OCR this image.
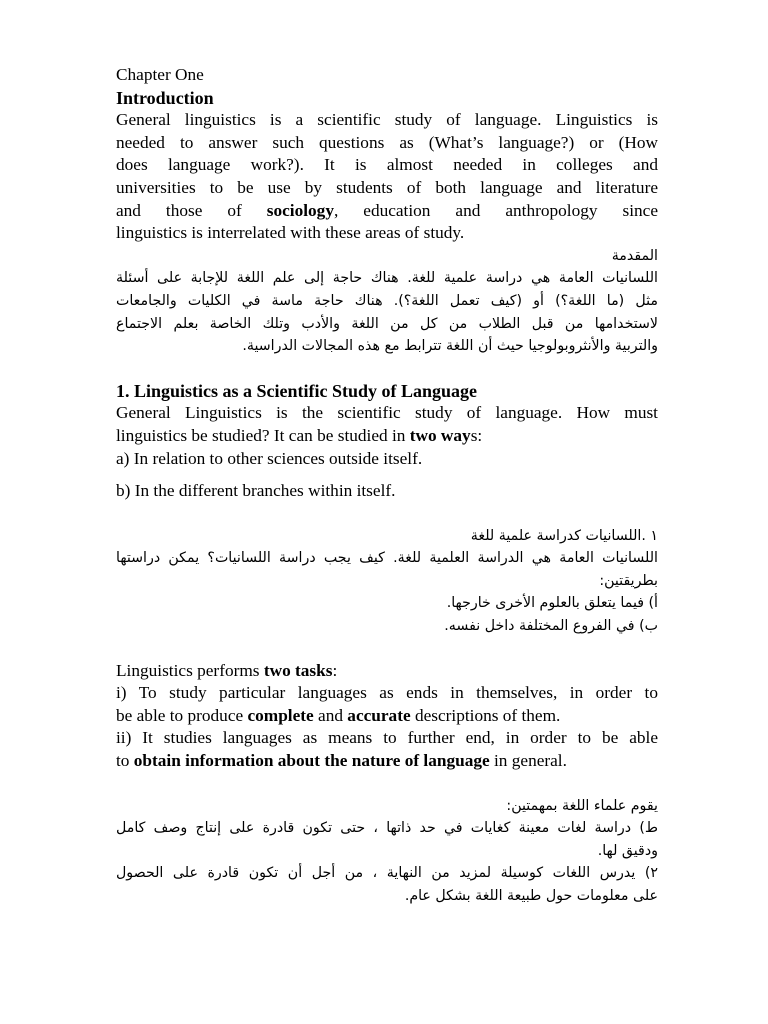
Chapter One

Introduction

General linguistics is a scientific study of language. Linguistics is

needed to answer such questions as (What’s language?) or (How

does language work?). It is almost needed in colleges and

universities to be use by students of both language and literature

and those of sociology, education and anthropology since

linguistics is interrelated with these areas of study.

المقدمة

اللسانيات العامة هي دراسة علمية للغة. هناك حاجة إلى علم اللغة للإجابة على أسئلة

مثل (ما اللغة؟) أو (كيف تعمل اللغة؟). هناك حاجة ماسة في الكليات والجامعات

لاستخدامها من قبل الطلاب من كل من اللغة والأدب وتلك الخاصة بعلم الاجتماع

والتربية والأنثروبولوجيا حيث أن اللغة تترابط مع هذه المجالات الدراسية.

1. Linguistics as a Scientific Study of Language

General Linguistics is the scientific study of language. How must

linguistics be studied? It can be studied in two ways:

a) In relation to other sciences outside itself.

b) In the different branches within itself.

١ .اللسانيات كدراسة علمية للغة

اللسانيات العامة هي الدراسة العلمية للغة. كيف يجب دراسة اللسانيات؟ يمكن دراستها

بطريقتين:

أ) فيما يتعلق بالعلوم الأخرى خارجها.

ب) في الفروع المختلفة داخل نفسه.

Linguistics performs two tasks:

i) To study particular languages as ends in themselves, in order to

be able to produce complete and accurate descriptions of them.

ii) It studies languages as means to further end, in order to be able

to obtain information about the nature of language in general.

يقوم علماء اللغة بمهمتين:

ط) دراسة لغات معينة كغايات في حد ذاتها ، حتى تكون قادرة على إنتاج وصف كامل

ودقيق لها.

٢) يدرس اللغات كوسيلة لمزيد من النهاية ، من أجل أن تكون قادرة على الحصول

على معلومات حول طبيعة اللغة بشكل عام.
